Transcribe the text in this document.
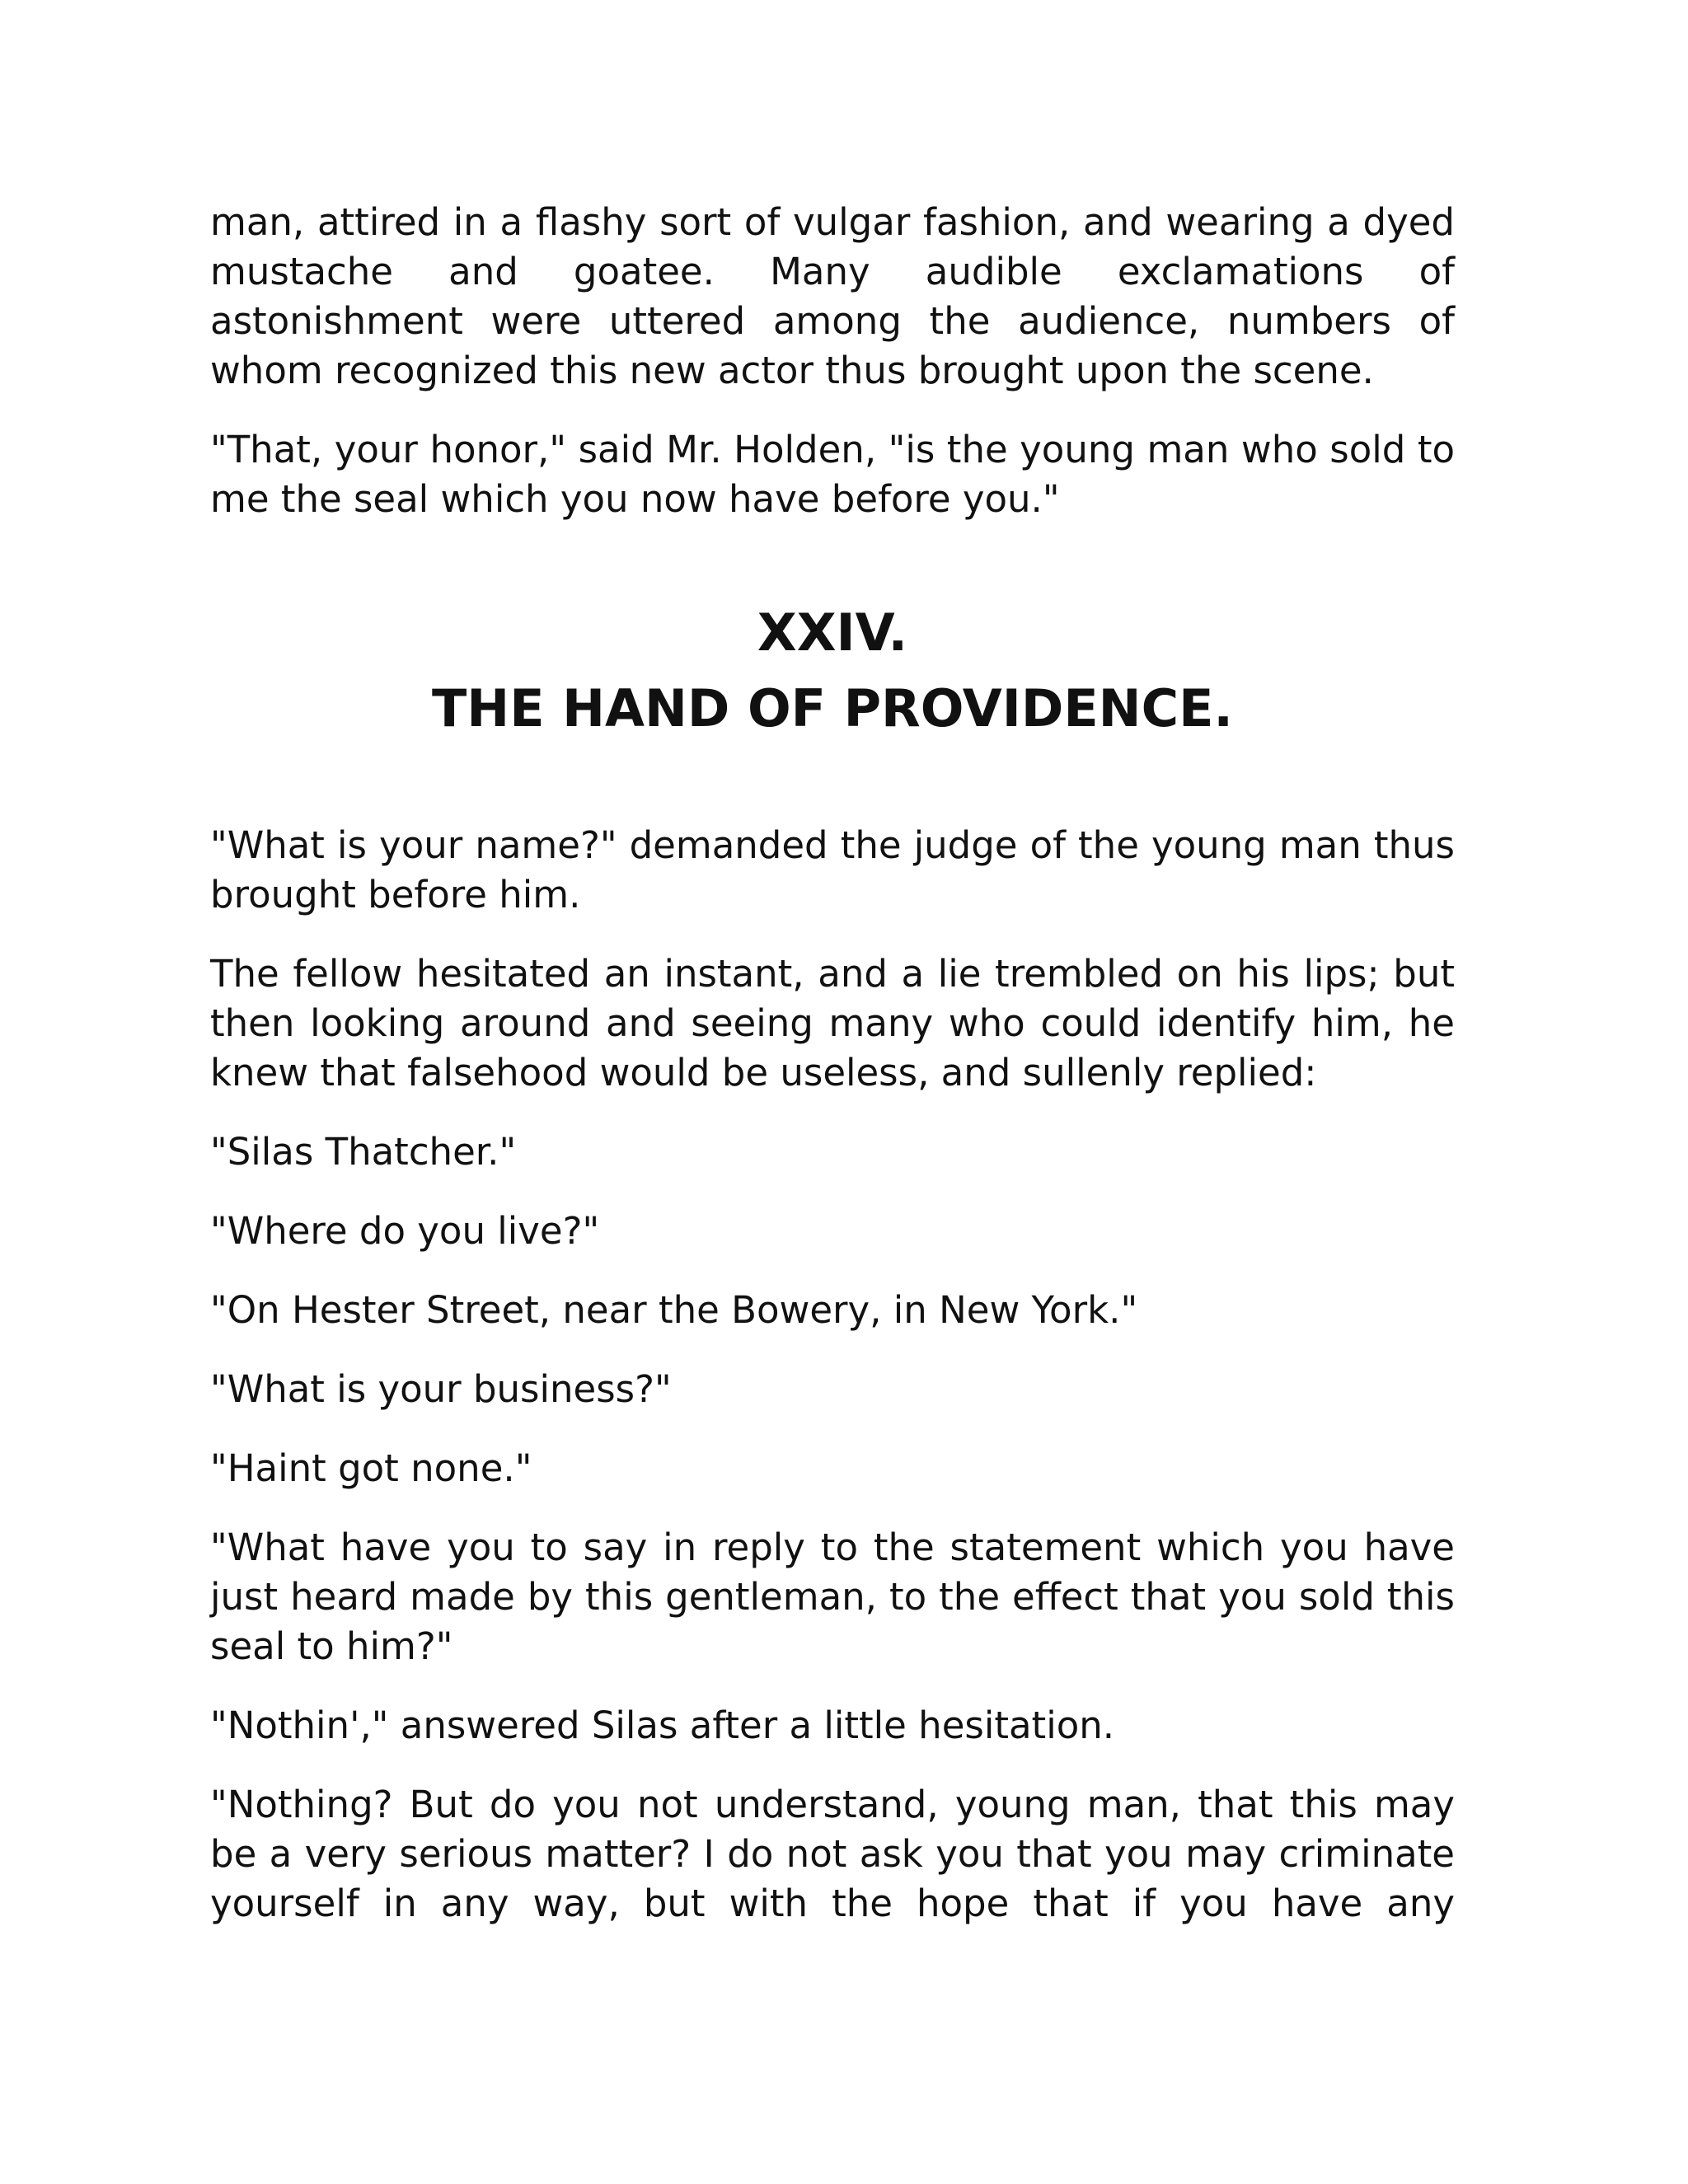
man, attired in a flashy sort of vulgar fashion, and wearing a dyed mustache and goatee. Many audible exclamations of astonishment were uttered among the audience, numbers of whom recognized this new actor thus brought upon the scene.

"That, your honor," said Mr. Holden, "is the young man who sold to me the seal which you now have before you."

XXIV.
THE HAND OF PROVIDENCE.

"What is your name?" demanded the judge of the young man thus brought before him.

The fellow hesitated an instant, and a lie trembled on his lips; but then looking around and seeing many who could identify him, he knew that falsehood would be useless, and sullenly replied:

"Silas Thatcher."

"Where do you live?"

"On Hester Street, near the Bowery, in New York."

"What is your business?"

"Haint got none."

"What have you to say in reply to the statement which you have just heard made by this gentleman, to the effect that you sold this seal to him?"

"Nothin'," answered Silas after a little hesitation.

"Nothing? But do you not understand, young man, that this may be a very serious matter? I do not ask you that you may criminate yourself in any way, but with the hope that if you have any
